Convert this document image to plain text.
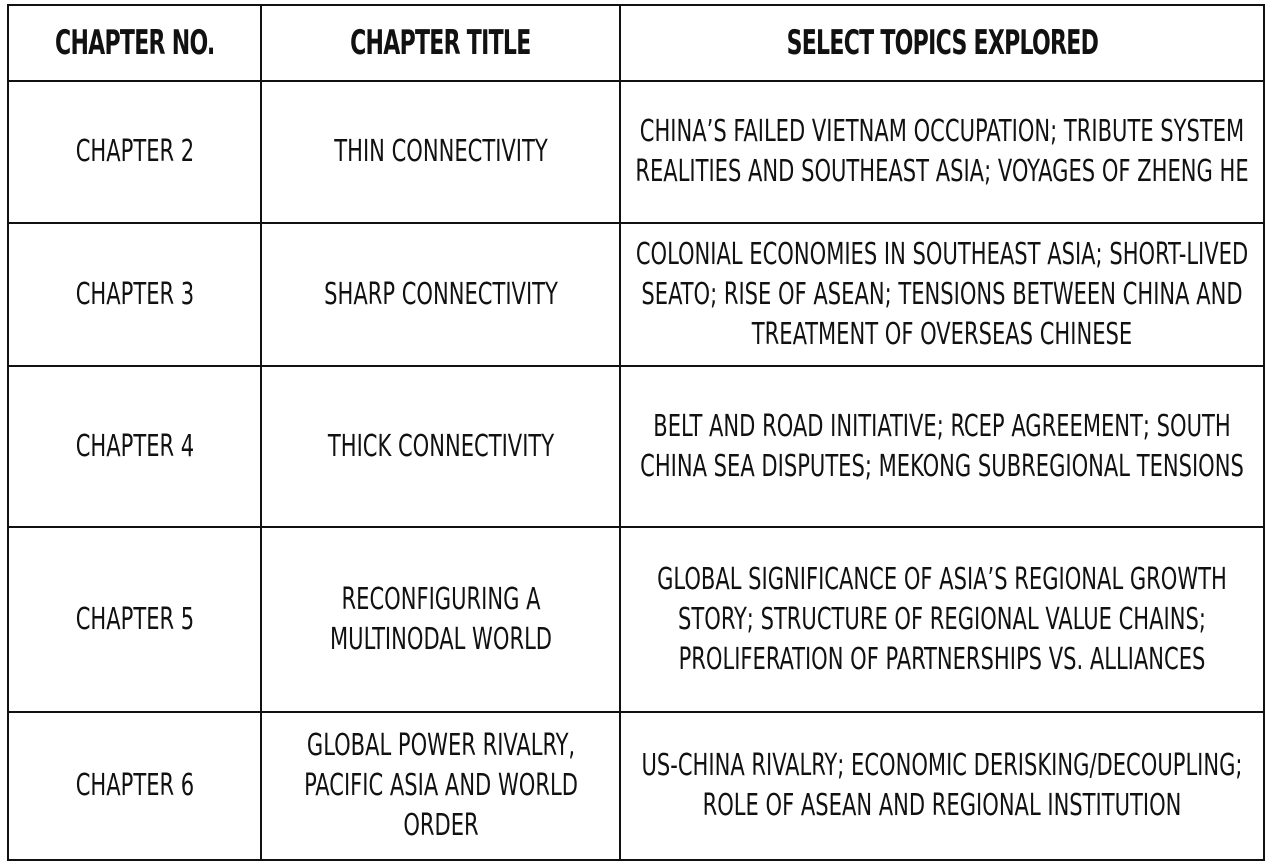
CHAPTER NO.	CHAPTER TITLE	SELECT TOPICS EXPLORED
CHAPTER 2	THIN CONNECTIVITY	CHINA’S FAILED VIETNAM OCCUPATION; TRIBUTE SYSTEM REALITIES AND SOUTHEAST ASIA; VOYAGES OF ZHENG HE
CHAPTER 3	SHARP CONNECTIVITY	COLONIAL ECONOMIES IN SOUTHEAST ASIA; SHORT-LIVED SEATO; RISE OF ASEAN; TENSIONS BETWEEN CHINA AND TREATMENT OF OVERSEAS CHINESE
CHAPTER 4	THICK CONNECTIVITY	BELT AND ROAD INITIATIVE; RCEP AGREEMENT; SOUTH CHINA SEA DISPUTES; MEKONG SUBREGIONAL TENSIONS
CHAPTER 5	RECONFIGURING A MULTINODAL WORLD	GLOBAL SIGNIFICANCE OF ASIA’S REGIONAL GROWTH STORY; STRUCTURE OF REGIONAL VALUE CHAINS; PROLIFERATION OF PARTNERSHIPS VS. ALLIANCES
CHAPTER 6	GLOBAL POWER RIVALRY, PACIFIC ASIA AND WORLD ORDER	US-CHINA RIVALRY; ECONOMIC DERISKING/DECOUPLING; ROLE OF ASEAN AND REGIONAL INSTITUTION
